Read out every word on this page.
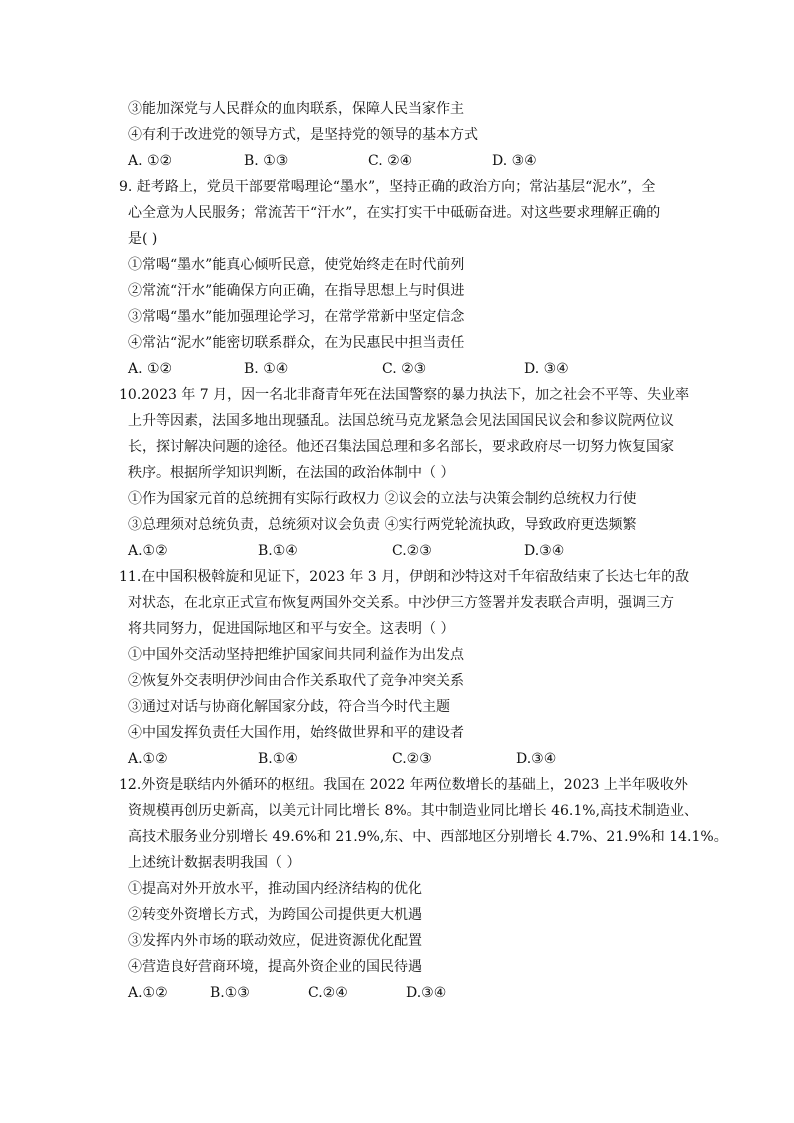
③能加深党与人民群众的血肉联系，保障人民当家作主
④有利于改进党的领导方式，是坚持党的领导的基本方式
A. ①②	B. ①③	C. ②④	D. ③④
9. 赶考路上，党员干部要常喝理论“墨水”，坚持正确的政治方向；常沾基层“泥水”，全
心全意为人民服务；常流苦干“汗水”，在实打实干中砥砺奋进。对这些要求理解正确的
是( )
①常喝“墨水”能真心倾听民意，使党始终走在时代前列
②常流“汗水”能确保方向正确，在指导思想上与时俱进
③常喝“墨水”能加强理论学习，在常学常新中坚定信念
④常沾“泥水”能密切联系群众，在为民惠民中担当责任
A. ①②	B. ①④	C. ②③	D. ③④
10.2023 年 7 月，因一名北非裔青年死在法国警察的暴力执法下，加之社会不平等、失业率
上升等因素，法国多地出现骚乱。法国总统马克龙紧急会见法国国民议会和参议院两位议
长，探讨解决问题的途径。他还召集法国总理和多名部长，要求政府尽一切努力恢复国家
秩序。根据所学知识判断，在法国的政治体制中（ ）
①作为国家元首的总统拥有实际行政权力 ②议会的立法与决策会制约总统权力行使
③总理须对总统负责，总统须对议会负责 ④实行两党轮流执政，导致政府更迭频繁
A.①②	B.①④	C.②③	D.③④
11.在中国积极斡旋和见证下，2023 年 3 月，伊朗和沙特这对千年宿敌结束了长达七年的敌
对状态，在北京正式宣布恢复两国外交关系。中沙伊三方签署并发表联合声明，强调三方
将共同努力，促进国际地区和平与安全。这表明（ ）
①中国外交活动坚持把维护国家间共同利益作为出发点
②恢复外交表明伊沙间由合作关系取代了竞争冲突关系
③通过对话与协商化解国家分歧，符合当今时代主题
④中国发挥负责任大国作用，始终做世界和平的建设者
A.①②	B.①④	C.②③	D.③④
12.外资是联结内外循环的枢纽。我国在 2022 年两位数增长的基础上，2023 上半年吸收外
资规模再创历史新高，以美元计同比增长 8%。其中制造业同比增长 46.1%,高技术制造业、
高技术服务业分别增长 49.6%和 21.9%,东、中、西部地区分别增长 4.7%、21.9%和 14.1%。
上述统计数据表明我国（ ）
①提高对外开放水平，推动国内经济结构的优化
②转变外资增长方式，为跨国公司提供更大机遇
③发挥内外市场的联动效应，促进资源优化配置
④营造良好营商环境，提高外资企业的国民待遇
A.①②	B.①③	C.②④	D.③④
